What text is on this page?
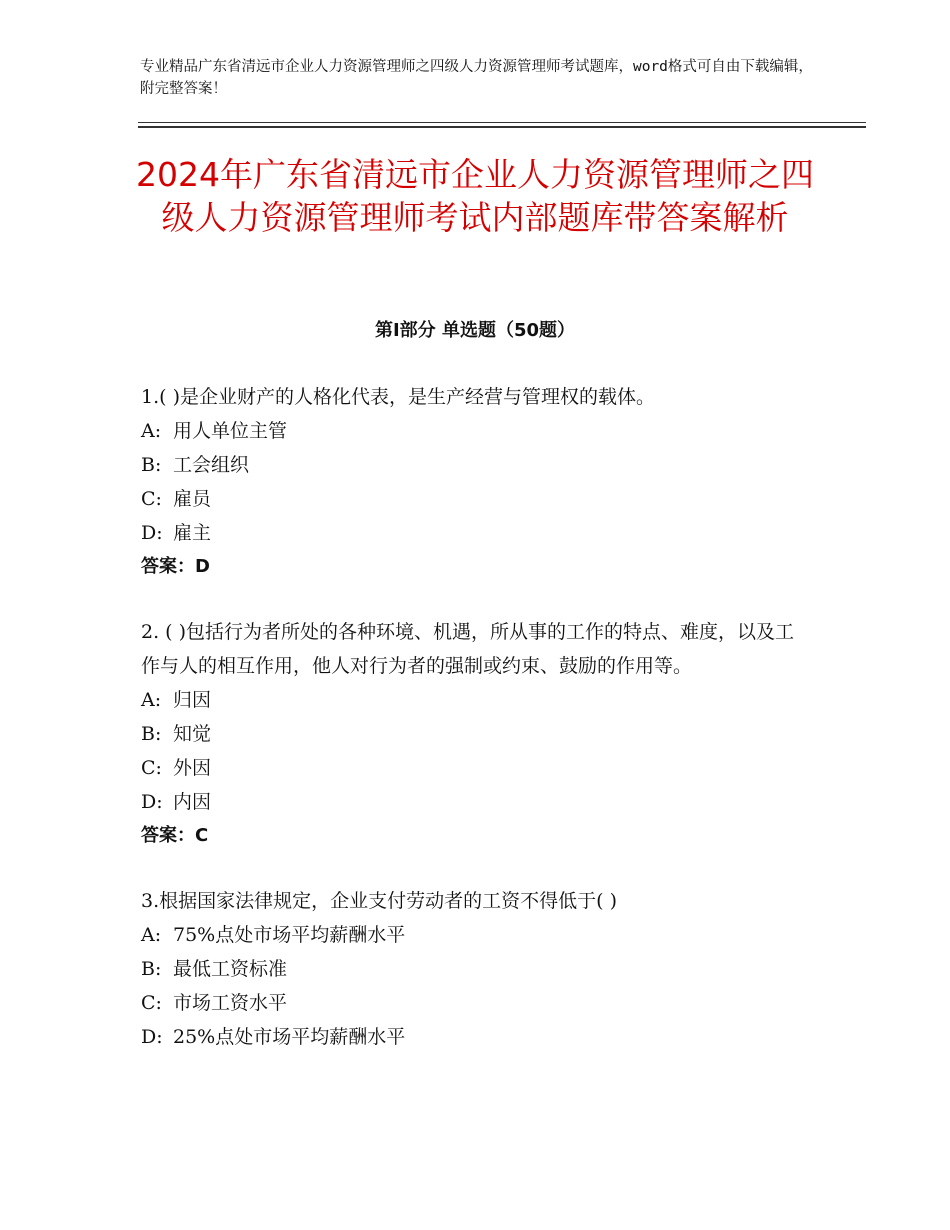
专业精品广东省清远市企业人力资源管理师之四级人力资源管理师考试题库，word格式可自由下载编辑，附完整答案！
2024年广东省清远市企业人力资源管理师之四级人力资源管理师考试内部题库带答案解析
第Ⅰ部分 单选题（50题）
1.( )是企业财产的人格化代表，是生产经营与管理权的载体。
A: 用人单位主管
B: 工会组织
C: 雇员
D: 雇主
答案：D
2. ( )包括行为者所处的各种环境、机遇，所从事的工作的特点、难度，以及工作与人的相互作用，他人对行为者的强制或约束、鼓励的作用等。
A: 归因
B: 知觉
C: 外因
D: 内因
答案：C
3.根据国家法律规定，企业支付劳动者的工资不得低于( )
A: 75%点处市场平均薪酬水平
B: 最低工资标准
C: 市场工资水平
D: 25%点处市场平均薪酬水平
